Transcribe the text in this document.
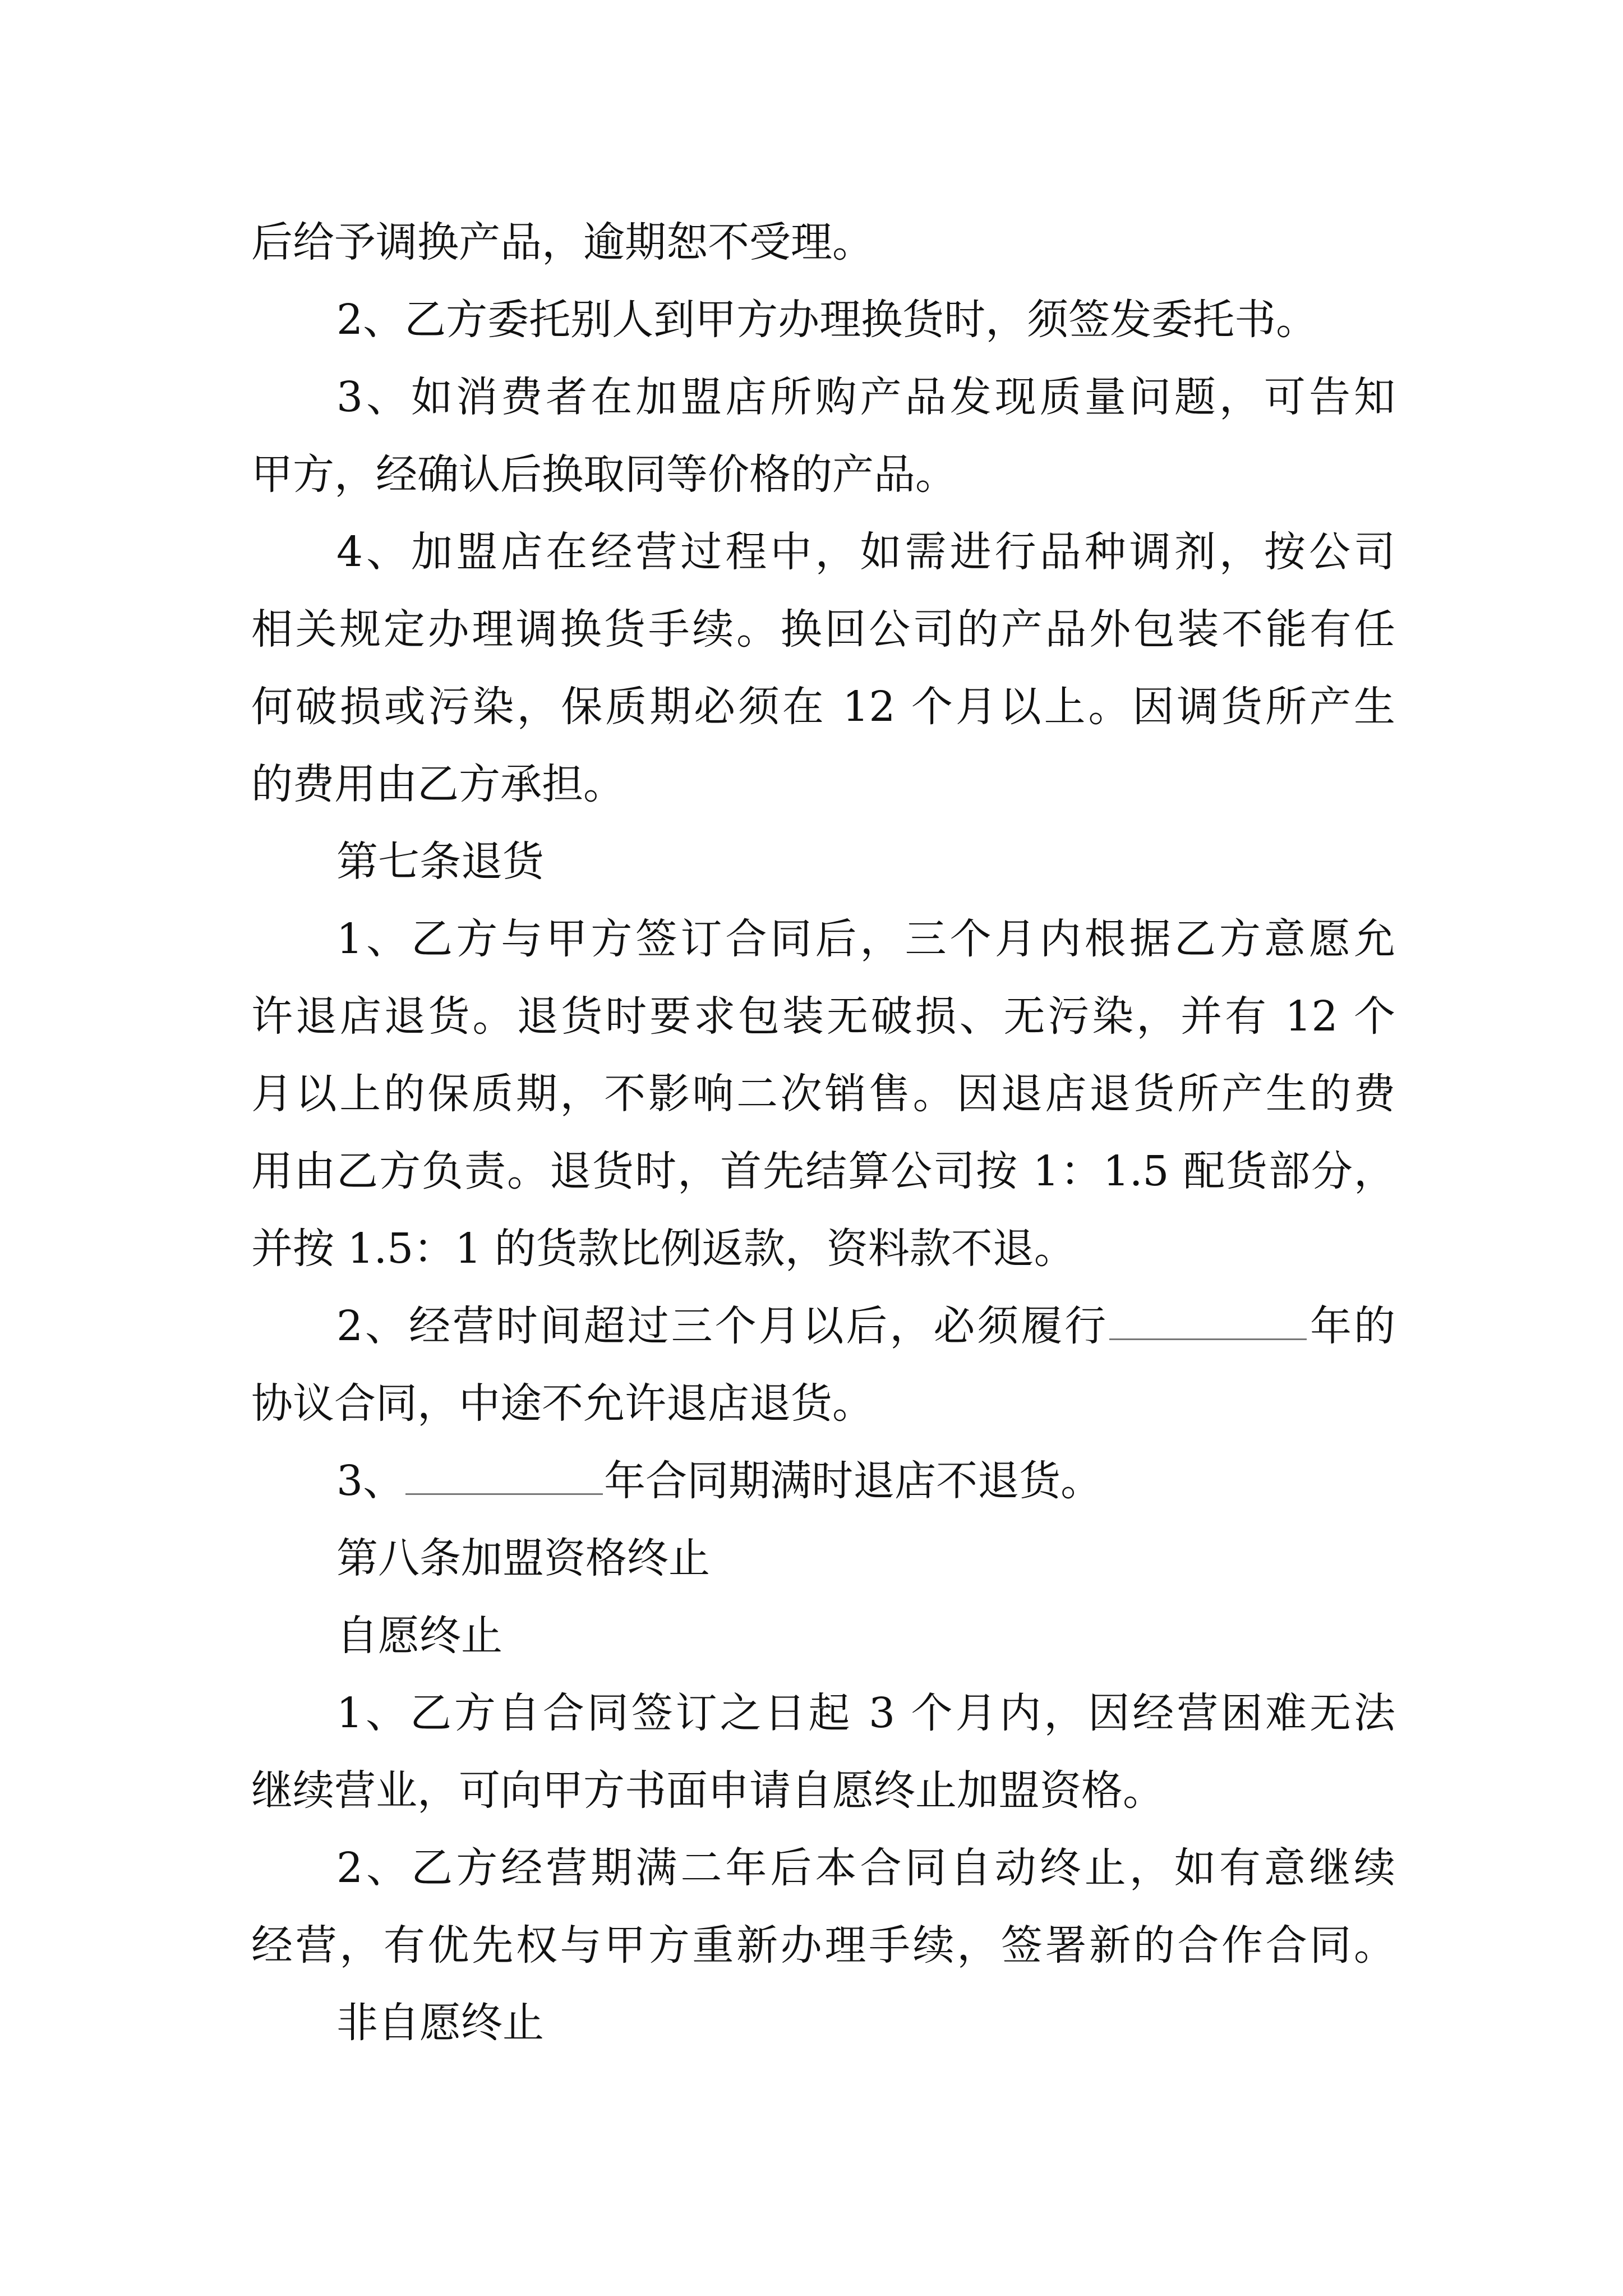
后给予调换产品，逾期恕不受理。
2、乙方委托别人到甲方办理换货时，须签发委托书。
3、如消费者在加盟店所购产品发现质量问题，可告知
甲方，经确认后换取同等价格的产品。
4、加盟店在经营过程中，如需进行品种调剂，按公司
相关规定办理调换货手续。换回公司的产品外包装不能有任
何破损或污染，保质期必须在 12 个月以上。因调货所产生
的费用由乙方承担。
第七条退货
1、乙方与甲方签订合同后，三个月内根据乙方意愿允
许退店退货。退货时要求包装无破损、无污染，并有 12 个
月以上的保质期，不影响二次销售。因退店退货所产生的费
用由乙方负责。退货时，首先结算公司按 1：1.5 配货部分，
并按 1.5：1 的货款比例返款，资料款不退。
2、经营时间超过三个月以后，必须履行	年的
协议合同，中途不允许退店退货。
3、	年合同期满时退店不退货。
第八条加盟资格终止
自愿终止
1、乙方自合同签订之日起 3 个月内，因经营困难无法
继续营业，可向甲方书面申请自愿终止加盟资格。
2、乙方经营期满二年后本合同自动终止，如有意继续
经营，有优先权与甲方重新办理手续，签署新的合作合同。
非自愿终止
